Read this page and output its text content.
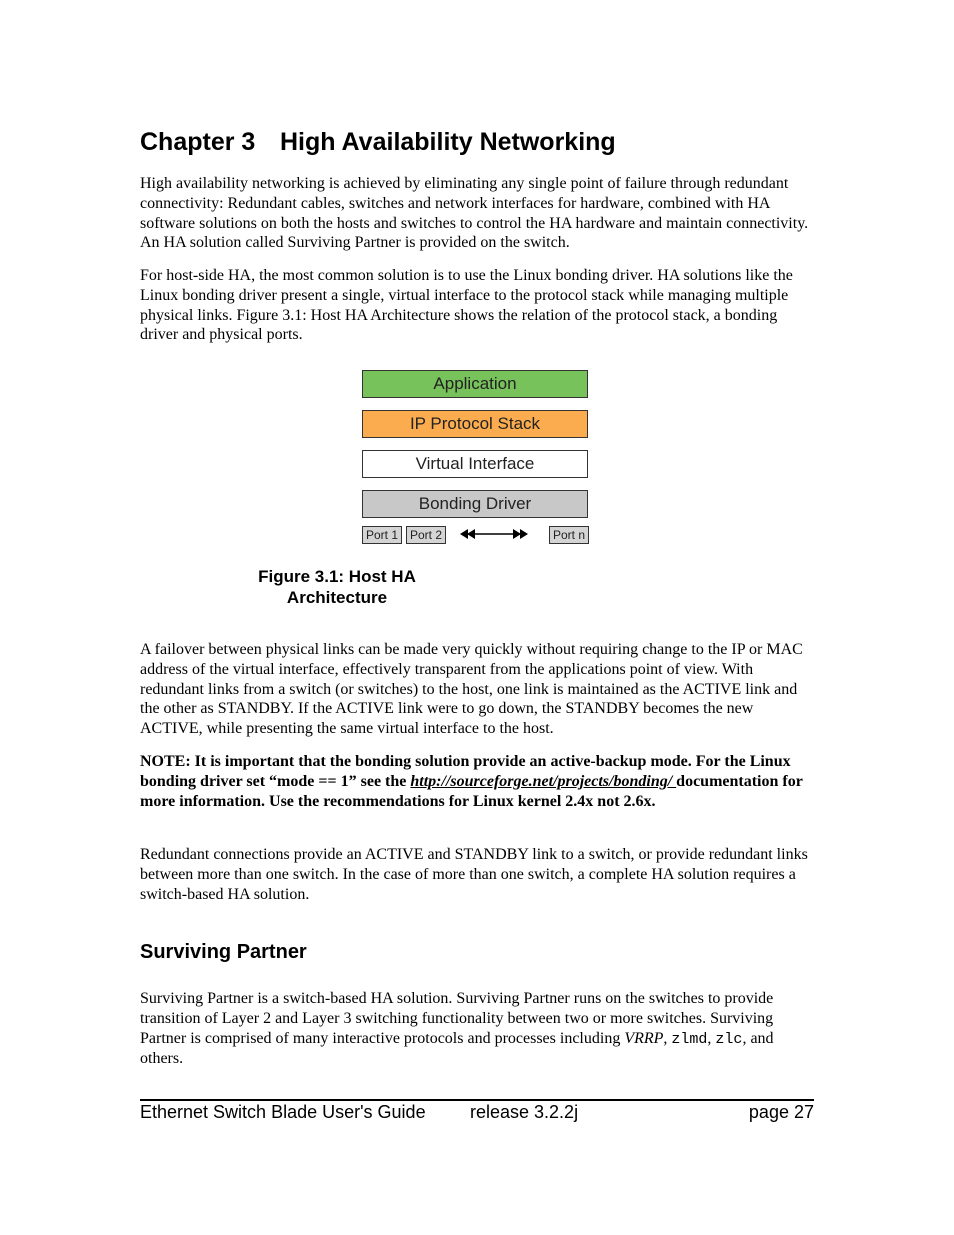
Chapter 3 High Availability Networking

High availability networking is achieved by eliminating any single point of failure through redundant connectivity: Redundant cables, switches and network interfaces for hardware, combined with HA software solutions on both the hosts and switches to control the HA hardware and maintain connectivity. An HA solution called Surviving Partner is provided on the switch.

For host-side HA, the most common solution is to use the Linux bonding driver. HA solutions like the Linux bonding driver present a single, virtual interface to the protocol stack while managing multiple physical links. Figure 3.1: Host HA Architecture shows the relation of the protocol stack, a bonding driver and physical ports.

Application
IP Protocol Stack
Virtual Interface
Bonding Driver
Port 1 Port 2	Port n

A failover between physical links can be made very quickly without requiring change to the IP or MAC address of the virtual interface, effectively transparent from the applications point of view. With redundant links from a switch (or switches) to the host, one link is maintained as the ACTIVE link and the other as STANDBY. If the ACTIVE link were to go down, the STANDBY becomes the new ACTIVE, while presenting the same virtual interface to the host.

NOTE: It is important that the bonding solution provide an active-backup mode. For the Linux bonding driver set “mode == 1” see the http://sourceforge.net/projects/bonding/ documentation for more information. Use the recommendations for Linux kernel 2.4x not 2.6x.

Redundant connections provide an ACTIVE and STANDBY link to a switch, or provide redundant links between more than one switch. In the case of more than one switch, a complete HA solution requires a switch-based HA solution.

Surviving Partner

Surviving Partner is a switch-based HA solution. Surviving Partner runs on the switches to provide transition of Layer 2 and Layer 3 switching functionality between two or more switches. Surviving Partner is comprised of many interactive protocols and processes including VRRP, zlmd, zlc, and others.

Figure 3.1: Host HA
Architecture
Ethernet Switch Blade User's Guide release 3.2.2j	page 27
